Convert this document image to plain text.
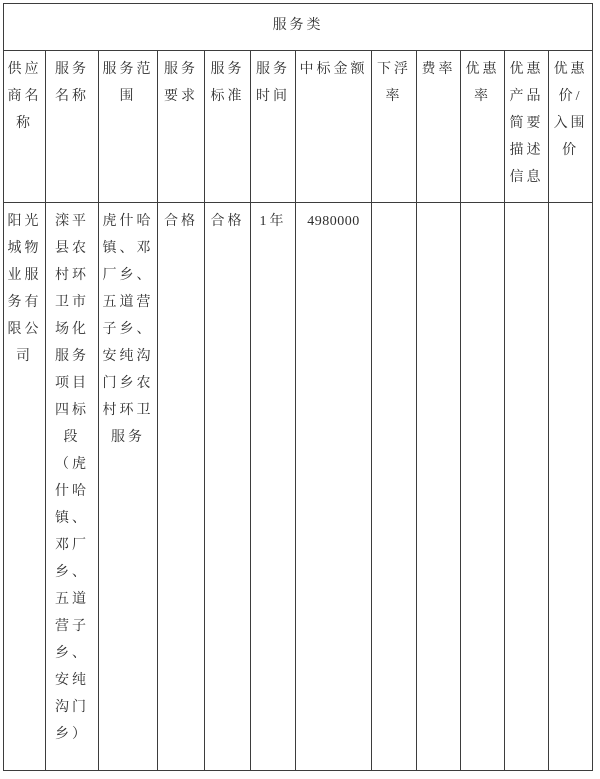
服务类											
供应商名称	服务名称	服务范围	服务要求	服务标准	服务时间	中标金额	下浮率	费率	优惠率	优惠产品简要描述信息	优惠价/入围价
阳光城物业服务有限公司	滦平县农村环卫市场化服务项目四标段（虎什哈镇、邓厂乡、五道营子乡、安纯沟门乡）	虎什哈镇、邓厂乡、五道营子乡、安纯沟门乡农村环卫服务	合格	合格	1年	4980000					
